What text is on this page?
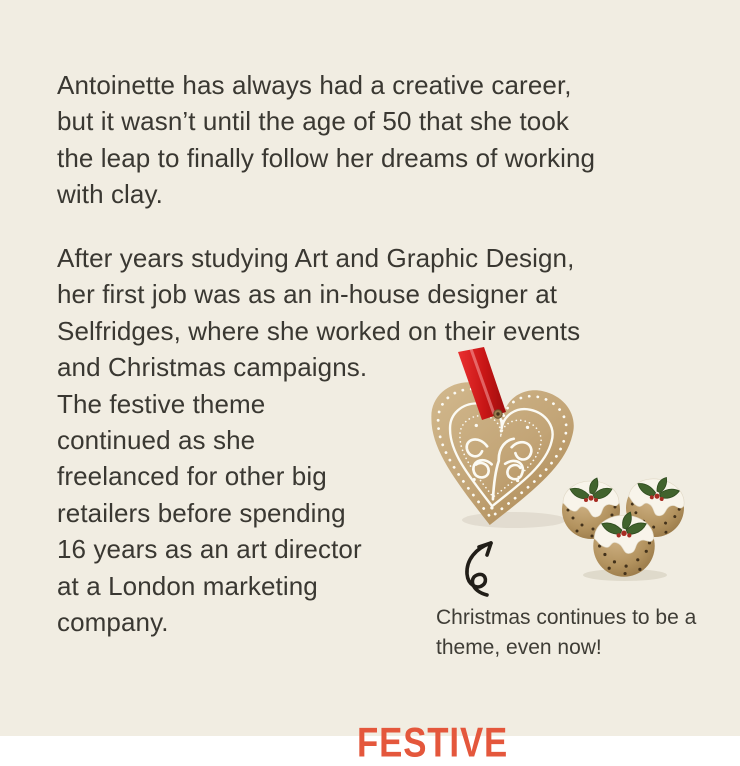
Antoinette has always had a creative career,
but it wasn’t until the age of 50 that she took
the leap to finally follow her dreams of working
with clay.
After years studying Art and Graphic Design,
her first job was as an in-house designer at
Selfridges, where she worked on their events
and Christmas campaigns.
The festive theme
continued as she
freelanced for other big
retailers before spending
16 years as an art director
at a London marketing
company.	Christmas continues to be a
theme, even now!
FESTIVE
